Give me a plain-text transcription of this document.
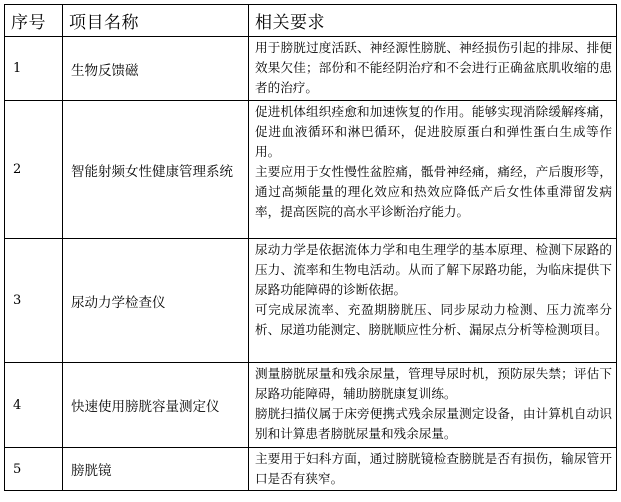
序号	项目名称	相关要求
1	生物反馈磁	用于膀胱过度活跃、神经源性膀胱、神经损伤引起的排尿、排便效果欠佳；部份和不能经阴治疗和不会进行正确盆底肌收缩的患者的治疗。

2	智能射频女性健康管理系统	促进机体组织痊愈和加速恢复的作用。能够实现消除缓解疼痛，促进血液循环和淋巴循环，促进胶原蛋白和弹性蛋白生成等作用。

主要应用于女性慢性盆腔痛，骶骨神经痛，痛经，产后腹形等，通过高频能量的理化效应和热效应降低产后女性体重滞留发病率，提高医院的高水平诊断治疗能力。

3	尿动力学检查仪	尿动力学是依据流体力学和电生理学的基本原理、检测下尿路的压力、流率和生物电活动。从而了解下尿路功能，为临床提供下尿路功能障碍的诊断依据。

可完成尿流率、充盈期膀胱压、同步尿动力检测、压力流率分析、尿道功能测定、膀胱顺应性分析、漏尿点分析等检测项目。

4	快速使用膀胱容量测定仪	测量膀胱尿量和残余尿量，管理导尿时机，预防尿失禁；评估下尿路功能障碍，辅助膀胱康复训练。

膀胱扫描仪属于床旁便携式残余尿量测定设备，由计算机自动识别和计算患者膀胱尿量和残余尿量。

5	膀胱镜	主要用于妇科方面，通过膀胱镜检查膀胱是否有损伤，输尿管开口是否有狭窄。
